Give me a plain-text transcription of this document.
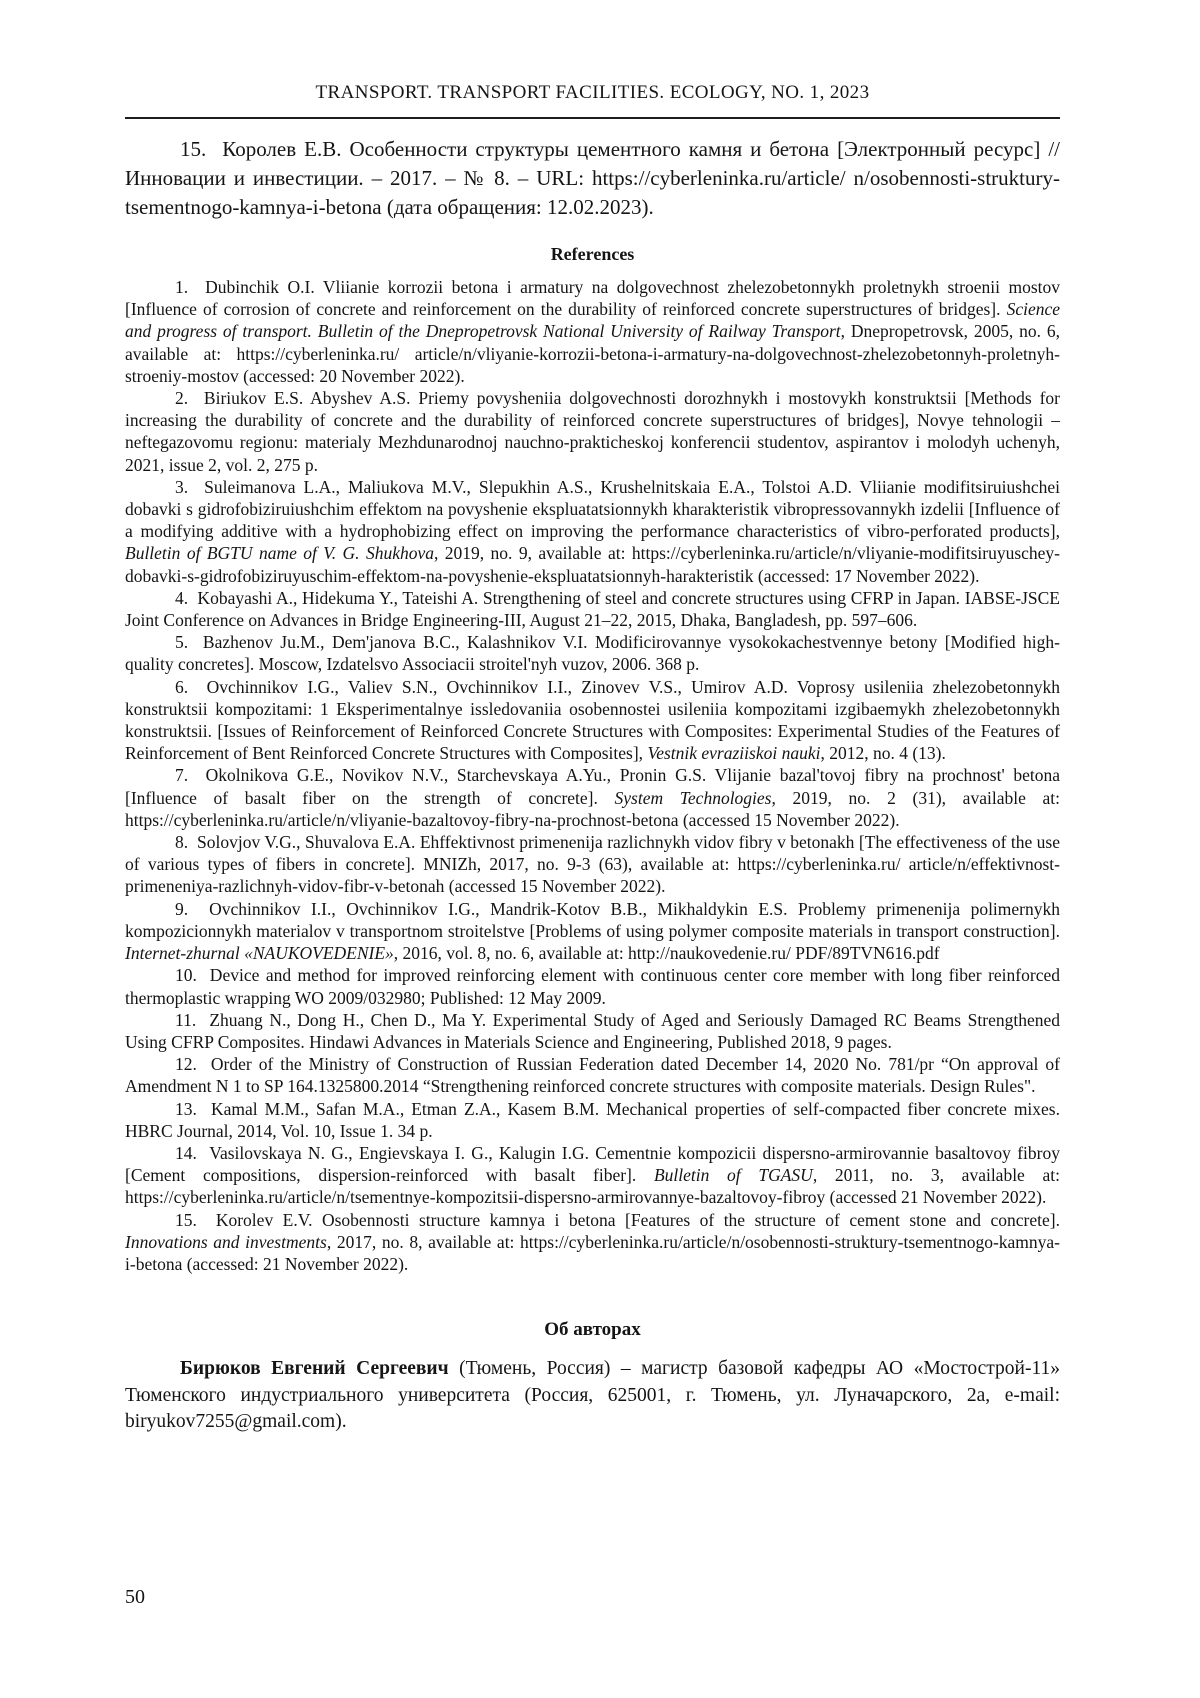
TRANSPORT. TRANSPORT FACILITIES. ECOLOGY, NO. 1, 2023

15.  Королев Е.В. Особенности структуры цементного камня и бетона [Электронный ресурс] // Инновации и инвестиции. – 2017. – № 8. – URL: https://cyberleninka.ru/article/ n/osobennosti-struktury-tsementnogo-kamnya-i-betona (дата обращения: 12.02.2023).

References

1.  Dubinchik O.I. Vliianie korrozii betona i armatury na dolgovechnost zhelezobetonnykh proletnykh stroenii mostov [Influence of corrosion of concrete and reinforcement on the durability of reinforced concrete superstructures of bridges]. Science and progress of transport. Bulletin of the Dnepropetrovsk National University of Railway Transport, Dnepropetrovsk, 2005, no. 6, available at: https://cyberleninka.ru/ article/n/vliyanie-korrozii-betona-i-armatury-na-dolgovechnost-zhelezobetonnyh-proletnyh-stroeniy-mostov (accessed: 20 November 2022).

2.  Biriukov E.S. Abyshev A.S. Priemy povysheniia dolgovechnosti dorozhnykh i mostovykh konstruktsii [Methods for increasing the durability of concrete and the durability of reinforced concrete superstructures of bridges], Novye tehnologii – neftegazovomu regionu: materialy Mezhdunarodnoj nauchno-prakticheskoj konferencii studentov, aspirantov i molodyh uchenyh, 2021, issue 2, vol. 2, 275 p.

3.  Suleimanova L.A., Maliukova M.V., Slepukhin A.S., Krushelnitskaia E.A., Tolstoi A.D. Vliianie modifitsiruiushchei dobavki s gidrofobiziruiushchim effektom na povyshenie ekspluatatsionnykh kharakteristik vibropressovannykh izdelii [Influence of a modifying additive with a hydrophobizing effect on improving the performance characteristics of vibro-perforated products], Bulletin of BGTU name of V. G. Shukhova, 2019, no. 9, available at: https://cyberleninka.ru/article/n/vliyanie-modifitsiruyuschey-dobavki-s-gidrofobiziruyuschim-effektom-na-povyshenie-ekspluatatsionnyh-harakteristik (accessed: 17 November 2022).

4.  Kobayashi A., Hidekuma Y., Tateishi A. Strengthening of steel and concrete structures using CFRP in Japan. IABSE-JSCE Joint Conference on Advances in Bridge Engineering-III, August 21–22, 2015, Dhaka, Bangladesh, pp. 597–606.

5.  Bazhenov Ju.M., Dem'janova B.C., Kalashnikov V.I. Modificirovannye vysokokachestvennye betony [Modified high-quality concretes]. Moscow, Izdatelsvo Associacii stroitel'nyh vuzov, 2006. 368 p.

6.  Ovchinnikov I.G., Valiev S.N., Ovchinnikov I.I., Zinovev V.S., Umirov A.D. Voprosy usileniia zhelezobetonnykh konstruktsii kompozitami: 1 Eksperimentalnye issledovaniia osobennostei usileniia kompozitami izgibaemykh zhelezobetonnykh konstruktsii. [Issues of Reinforcement of Reinforced Concrete Structures with Composites: Experimental Studies of the Features of Reinforcement of Bent Reinforced Concrete Structures with Composites], Vestnik evraziiskoi nauki, 2012, no. 4 (13).

7.  Okolnikova G.E., Novikov N.V., Starchevskaya A.Yu., Pronin G.S. Vlijanie bazal'tovoj fibry na prochnost' betona [Influence of basalt fiber on the strength of concrete]. System Technologies, 2019, no. 2 (31), available at: https://cyberleninka.ru/article/n/vliyanie-bazaltovoy-fibry-na-prochnost-betona (accessed 15 November 2022).

8.  Solovjov V.G., Shuvalova E.A. Ehffektivnost primenenija razlichnykh vidov fibry v betonakh [The effectiveness of the use of various types of fibers in concrete]. MNIZh, 2017, no. 9-3 (63), available at: https://cyberleninka.ru/ article/n/effektivnost-primeneniya-razlichnyh-vidov-fibr-v-betonah (accessed 15 November 2022).

9.  Ovchinnikov I.I., Ovchinnikov I.G., Mandrik-Kotov B.B., Mikhaldykin E.S. Problemy primenenija polimernykh kompozicionnykh materialov v transportnom stroitelstve [Problems of using polymer composite materials in transport construction]. Internet-zhurnal «NAUKOVEDENIE», 2016, vol. 8, no. 6, available at: http://naukovedenie.ru/ PDF/89TVN616.pdf

10.  Device and method for improved reinforcing element with continuous center core member with long fiber reinforced thermoplastic wrapping WO 2009/032980; Published: 12 May 2009.

11.  Zhuang N., Dong H., Chen D., Ma Y. Experimental Study of Aged and Seriously Damaged RC Beams Strengthened Using CFRP Composites. Hindawi Advances in Materials Science and Engineering, Published 2018, 9 pages.

12.  Order of the Ministry of Construction of Russian Federation dated December 14, 2020 No. 781/pr “On approval of Amendment N 1 to SP 164.1325800.2014 “Strengthening reinforced concrete structures with composite materials. Design Rules".

13.  Kamal M.M., Safan M.A., Etman Z.A., Kasem B.M. Mechanical properties of self-compacted fiber concrete mixes. HBRC Journal, 2014, Vol. 10, Issue 1. 34 p.

14.  Vasilovskaya N. G., Engievskaya I. G., Kalugin I.G. Cementnie kompozicii dispersno-armirovannie basaltovoy fibroy [Cement compositions, dispersion-reinforced with basalt fiber]. Bulletin of TGASU, 2011, no. 3, available at: https://cyberleninka.ru/article/n/tsementnye-kompozitsii-dispersno-armirovannye-bazaltovoy-fibroy (accessed 21 November 2022).

15.  Korolev E.V. Osobennosti structure kamnya i betona [Features of the structure of cement stone and concrete]. Innovations and investments, 2017, no. 8, available at: https://cyberleninka.ru/article/n/osobennosti-struktury-tsementnogo-kamnya-i-betona (accessed: 21 November 2022).

Об авторах

Бирюков Евгений Сергеевич (Тюмень, Россия) – магистр базовой кафедры АО «Мостострой-11» Тюменского индустриального университета (Россия, 625001, г. Тюмень, ул. Луначарского, 2а, e-mail: biryukov7255@gmail.com).

50
